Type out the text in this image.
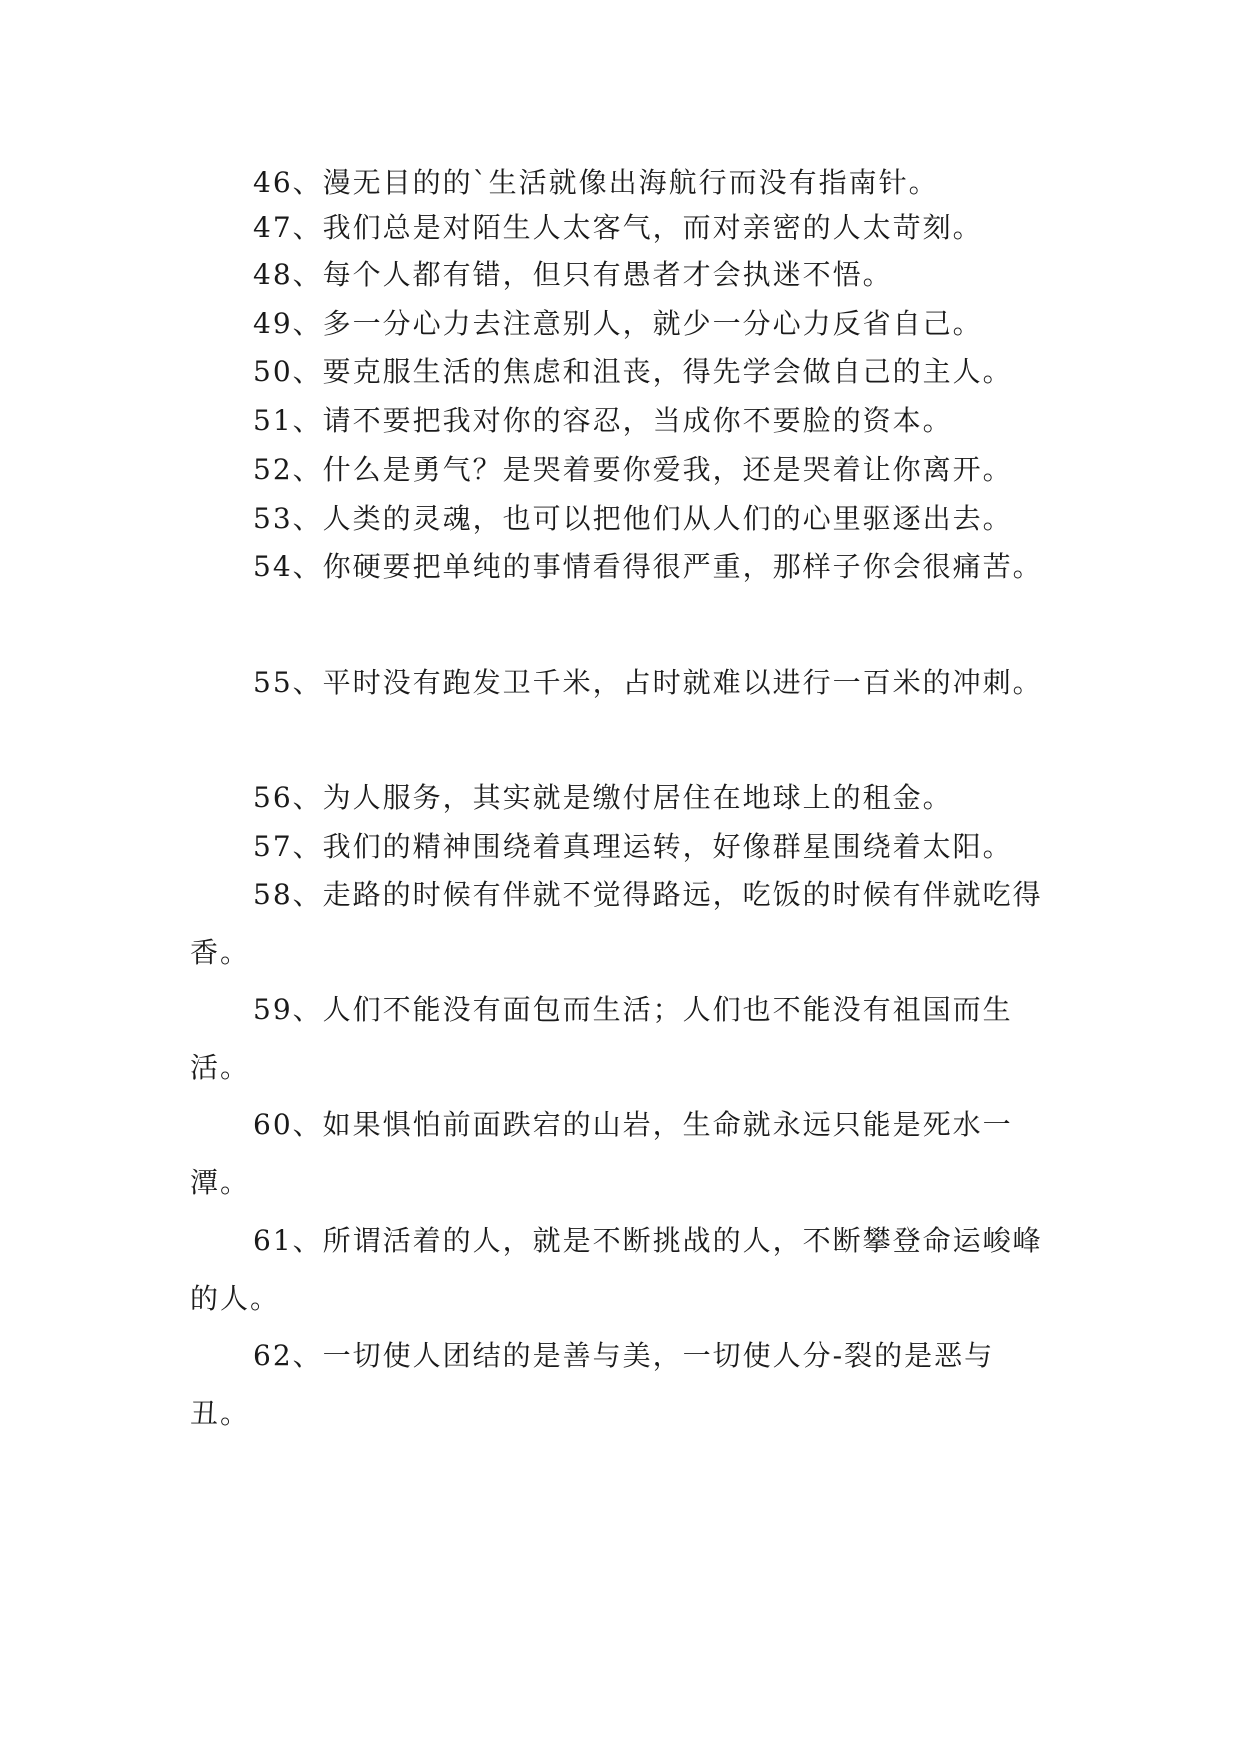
46、漫无目的的`生活就像出海航行而没有指南针。

47、我们总是对陌生人太客气，而对亲密的人太苛刻。

48、每个人都有错，但只有愚者才会执迷不悟。

49、多一分心力去注意别人，就少一分心力反省自己。

50、要克服生活的焦虑和沮丧，得先学会做自己的主人。

51、请不要把我对你的容忍，当成你不要脸的资本。

52、什么是勇气？是哭着要你爱我，还是哭着让你离开。

53、人类的灵魂，也可以把他们从人们的心里驱逐出去。

54、你硬要把单纯的事情看得很严重，那样子你会很痛苦。

55、平时没有跑发卫千米，占时就难以进行一百米的冲刺。

56、为人服务，其实就是缴付居住在地球上的租金。

57、我们的精神围绕着真理运转，好像群星围绕着太阳。

58、走路的时候有伴就不觉得路远，吃饭的时候有伴就吃得香。

59、人们不能没有面包而生活；人们也不能没有祖国而生活。

60、如果惧怕前面跌宕的山岩，生命就永远只能是死水一潭。

61、所谓活着的人，就是不断挑战的人，不断攀登命运峻峰的人。

62、一切使人团结的是善与美，一切使人分-裂的是恶与丑。
